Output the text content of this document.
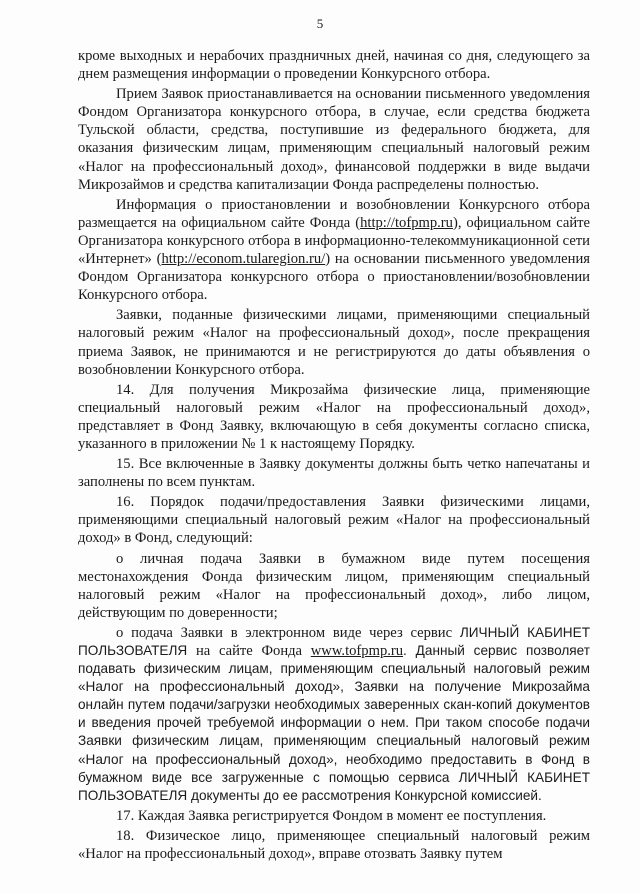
5

кроме выходных и нерабочих праздничных дней, начиная со дня, следующего за днем размещения информации о проведении Конкурсного отбора.

Прием Заявок приостанавливается на основании письменного уведомления Фондом Организатора конкурсного отбора, в случае, если средства бюджета Тульской области, средства, поступившие из федерального бюджета, для оказания физическим лицам, применяющим специальный налоговый режим «Налог на профессиональный доход», финансовой поддержки в виде выдачи Микрозаймов и средства капитализации Фонда распределены полностью.

Информация о приостановлении и возобновлении Конкурсного отбора размещается на официальном сайте Фонда (http://tofpmp.ru), официальном сайте Организатора конкурсного отбора в информационно-телекоммуникационной сети «Интернет» (http://econom.tularegion.ru/) на основании письменного уведомления Фондом Организатора конкурсного отбора о приостановлении/возобновлении Конкурсного отбора.

Заявки, поданные физическими лицами, применяющими специальный налоговый режим «Налог на профессиональный доход», после прекращения приема Заявок, не принимаются и не регистрируются до даты объявления о возобновлении Конкурсного отбора.

14. Для получения Микрозайма физические лица, применяющие специальный налоговый режим «Налог на профессиональный доход», представляет в Фонд Заявку, включающую в себя документы согласно списка, указанного в приложении № 1 к настоящему Порядку.

15. Все включенные в Заявку документы должны быть четко напечатаны и заполнены по всем пунктам.

16. Порядок подачи/предоставления Заявки физическими лицами, применяющими специальный налоговый режим «Налог на профессиональный доход» в Фонд, следующий:

o личная подача Заявки в бумажном виде путем посещения местонахождения Фонда физическим лицом, применяющим специальный налоговый режим «Налог на профессиональный доход», либо лицом, действующим по доверенности;

o подача Заявки в электронном виде через сервис ЛИЧНЫЙ КАБИНЕТ ПОЛЬЗОВАТЕЛЯ на сайте Фонда www.tofpmp.ru. Данный сервис позволяет подавать физическим лицам, применяющим специальный налоговый режим «Налог на профессиональный доход», Заявки на получение Микрозайма онлайн путем подачи/загрузки необходимых заверенных скан-копий документов и введения прочей требуемой информации о нем. При таком способе подачи Заявки физическим лицам, применяющим специальный налоговый режим «Налог на профессиональный доход», необходимо предоставить в Фонд в бумажном виде все загруженные с помощью сервиса ЛИЧНЫЙ КАБИНЕТ ПОЛЬЗОВАТЕЛЯ документы до ее рассмотрения Конкурсной комиссией.

17. Каждая Заявка регистрируется Фондом в момент ее поступления.

18. Физическое лицо, применяющее специальный налоговый режим «Налог на профессиональный доход», вправе отозвать Заявку путем
